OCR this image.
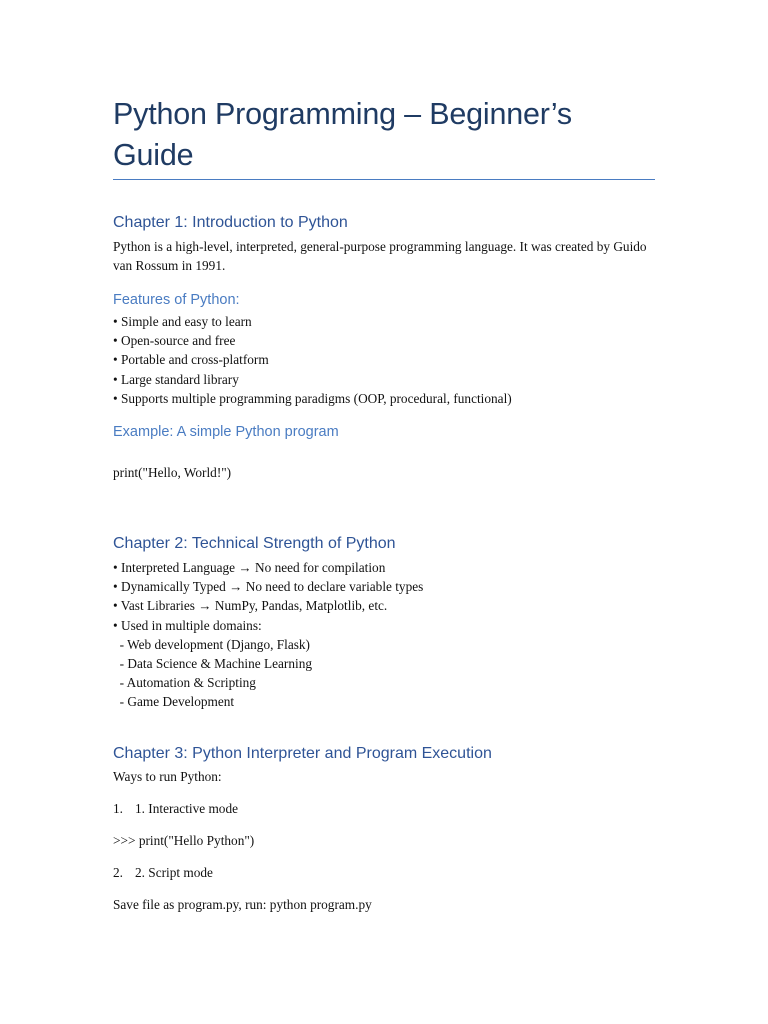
Python Programming – Beginner’s Guide
Chapter 1: Introduction to Python

Python is a high-level, interpreted, general-purpose programming language. It was created by Guido van Rossum in 1991.

Features of Python:
• Simple and easy to learn
• Open-source and free
• Portable and cross-platform
• Large standard library
• Supports multiple programming paradigms (OOP, procedural, functional)
Example: A simple Python program

print("Hello, World!")

Chapter 2: Technical Strength of Python
• Interpreted Language → No need for compilation
• Dynamically Typed → No need to declare variable types
• Vast Libraries → NumPy, Pandas, Matplotlib, etc.
• Used in multiple domains:
- Web development (Django, Flask)
- Data Science & Machine Learning
- Automation & Scripting
- Game Development
Chapter 3: Python Interpreter and Program Execution

Ways to run Python:

1. 1. Interactive mode

>>> print("Hello Python")

2. 2. Script mode

Save file as program.py, run: python program.py
